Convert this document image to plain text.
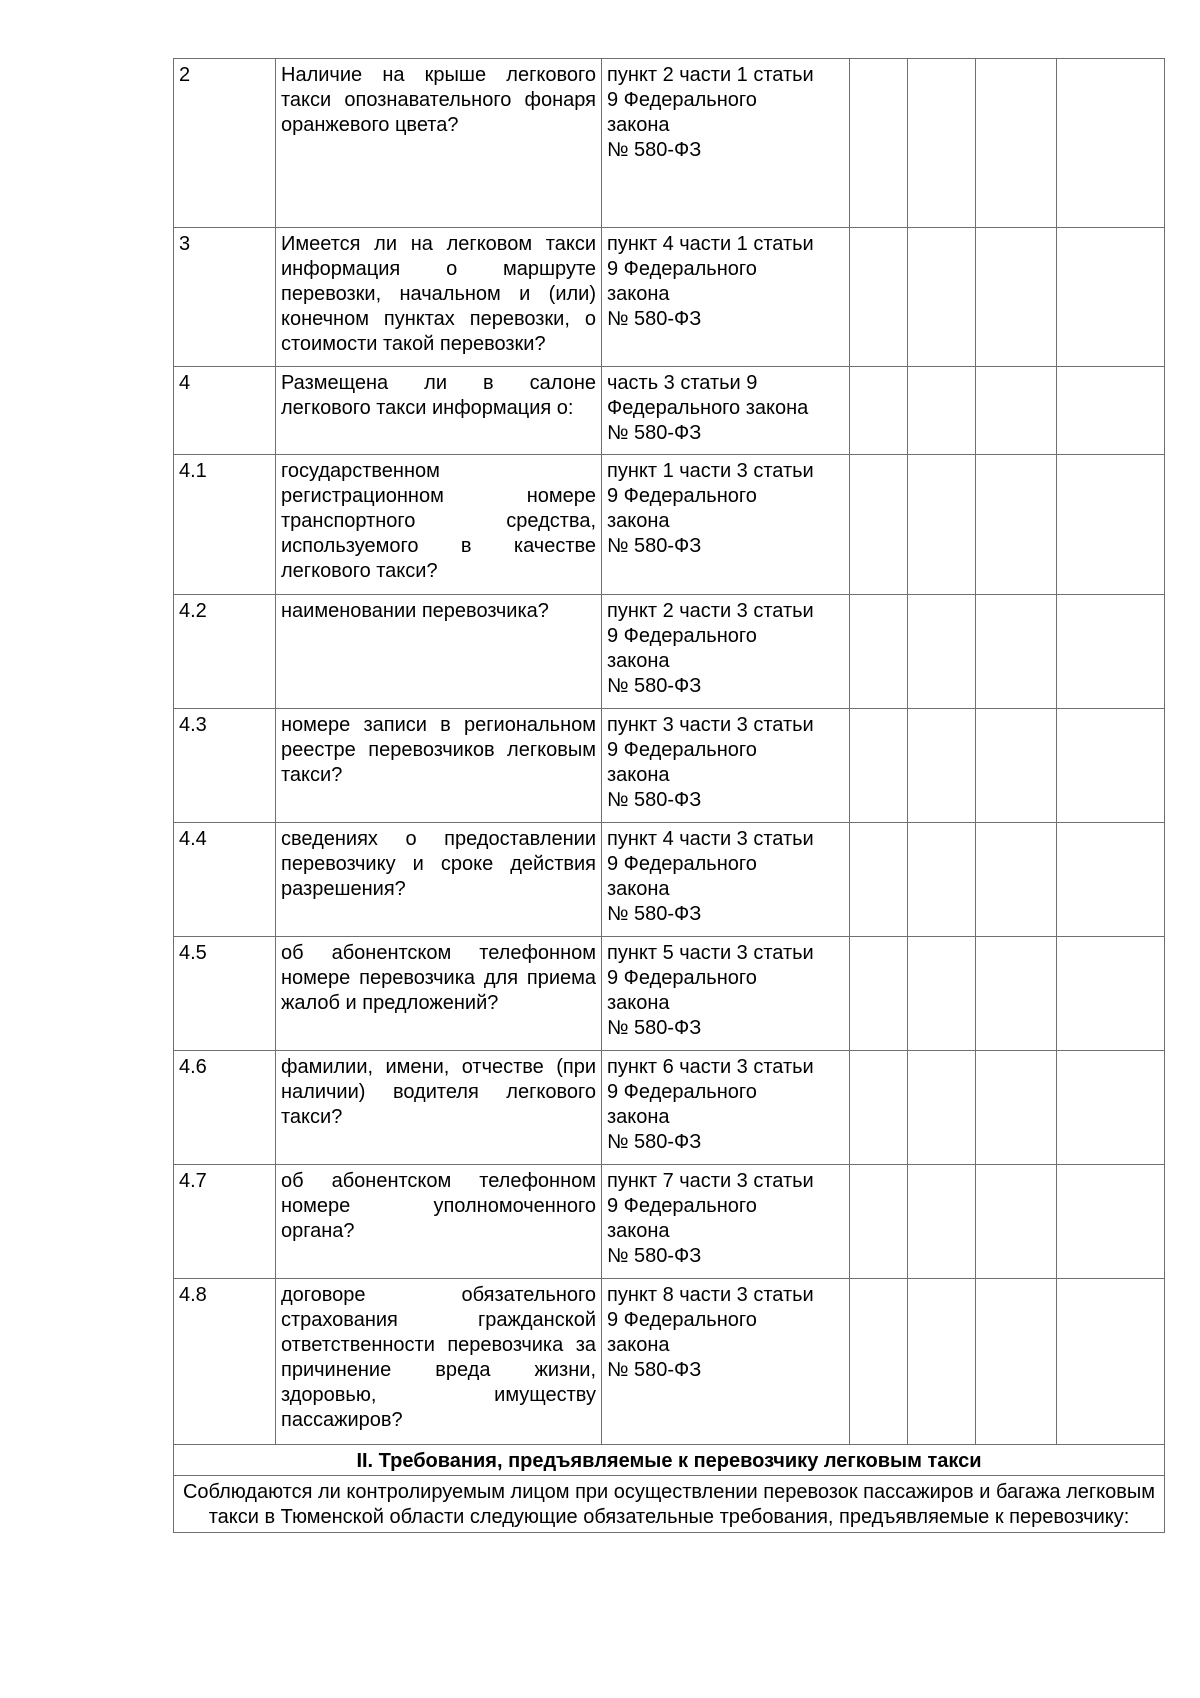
2	Наличие на крыше легкового такси опознавательного фонаря оранжевого цвета?	пункт 2 части 1 статьи
9 Федерального
закона
№ 580-ФЗ				

3	Имеется ли на легковом такси информация о маршруте перевозки, начальном и (или) конечном пунктах перевозки, о стоимости такой перевозки?	пункт 4 части 1 статьи
9 Федерального
закона
№ 580-ФЗ				

4	Размещена ли в салоне легкового такси информация о:	часть 3 статьи 9
Федерального закона
№ 580-ФЗ				

4.1	государственном регистрационном номере транспортного средства, используемого в качестве легкового такси?	пункт 1 части 3 статьи
9 Федерального
закона
№ 580-ФЗ				

4.2	наименовании перевозчика?	пункт 2 части 3 статьи
9 Федерального
закона
№ 580-ФЗ				

4.3	номере записи в региональном реестре перевозчиков легковым такси?	пункт 3 части 3 статьи
9 Федерального
закона
№ 580-ФЗ				

4.4	сведениях о предоставлении перевозчику и сроке действия разрешения?	пункт 4 части 3 статьи
9 Федерального
закона
№ 580-ФЗ				

4.5	об абонентском телефонном номере перевозчика для приема жалоб и предложений?	пункт 5 части 3 статьи
9 Федерального
закона
№ 580-ФЗ				

4.6	фамилии, имени, отчестве (при наличии) водителя легкового такси?	пункт 6 части 3 статьи
9 Федерального
закона
№ 580-ФЗ				

4.7	об абонентском телефонном номере уполномоченного органа?	пункт 7 части 3 статьи
9 Федерального
закона
№ 580-ФЗ				

4.8	договоре обязательного страхования гражданской ответственности перевозчика за причинение вреда жизни, здоровью, имуществу пассажиров?	пункт 8 части 3 статьи
9 Федерального
закона
№ 580-ФЗ				

II. Требования, предъявляемые к перевозчику легковым такси						
Соблюдаются ли контролируемым лицом при осуществлении перевозок пассажиров и багажа легковым такси в Тюменской области следующие обязательные требования, предъявляемые к перевозчику:						
